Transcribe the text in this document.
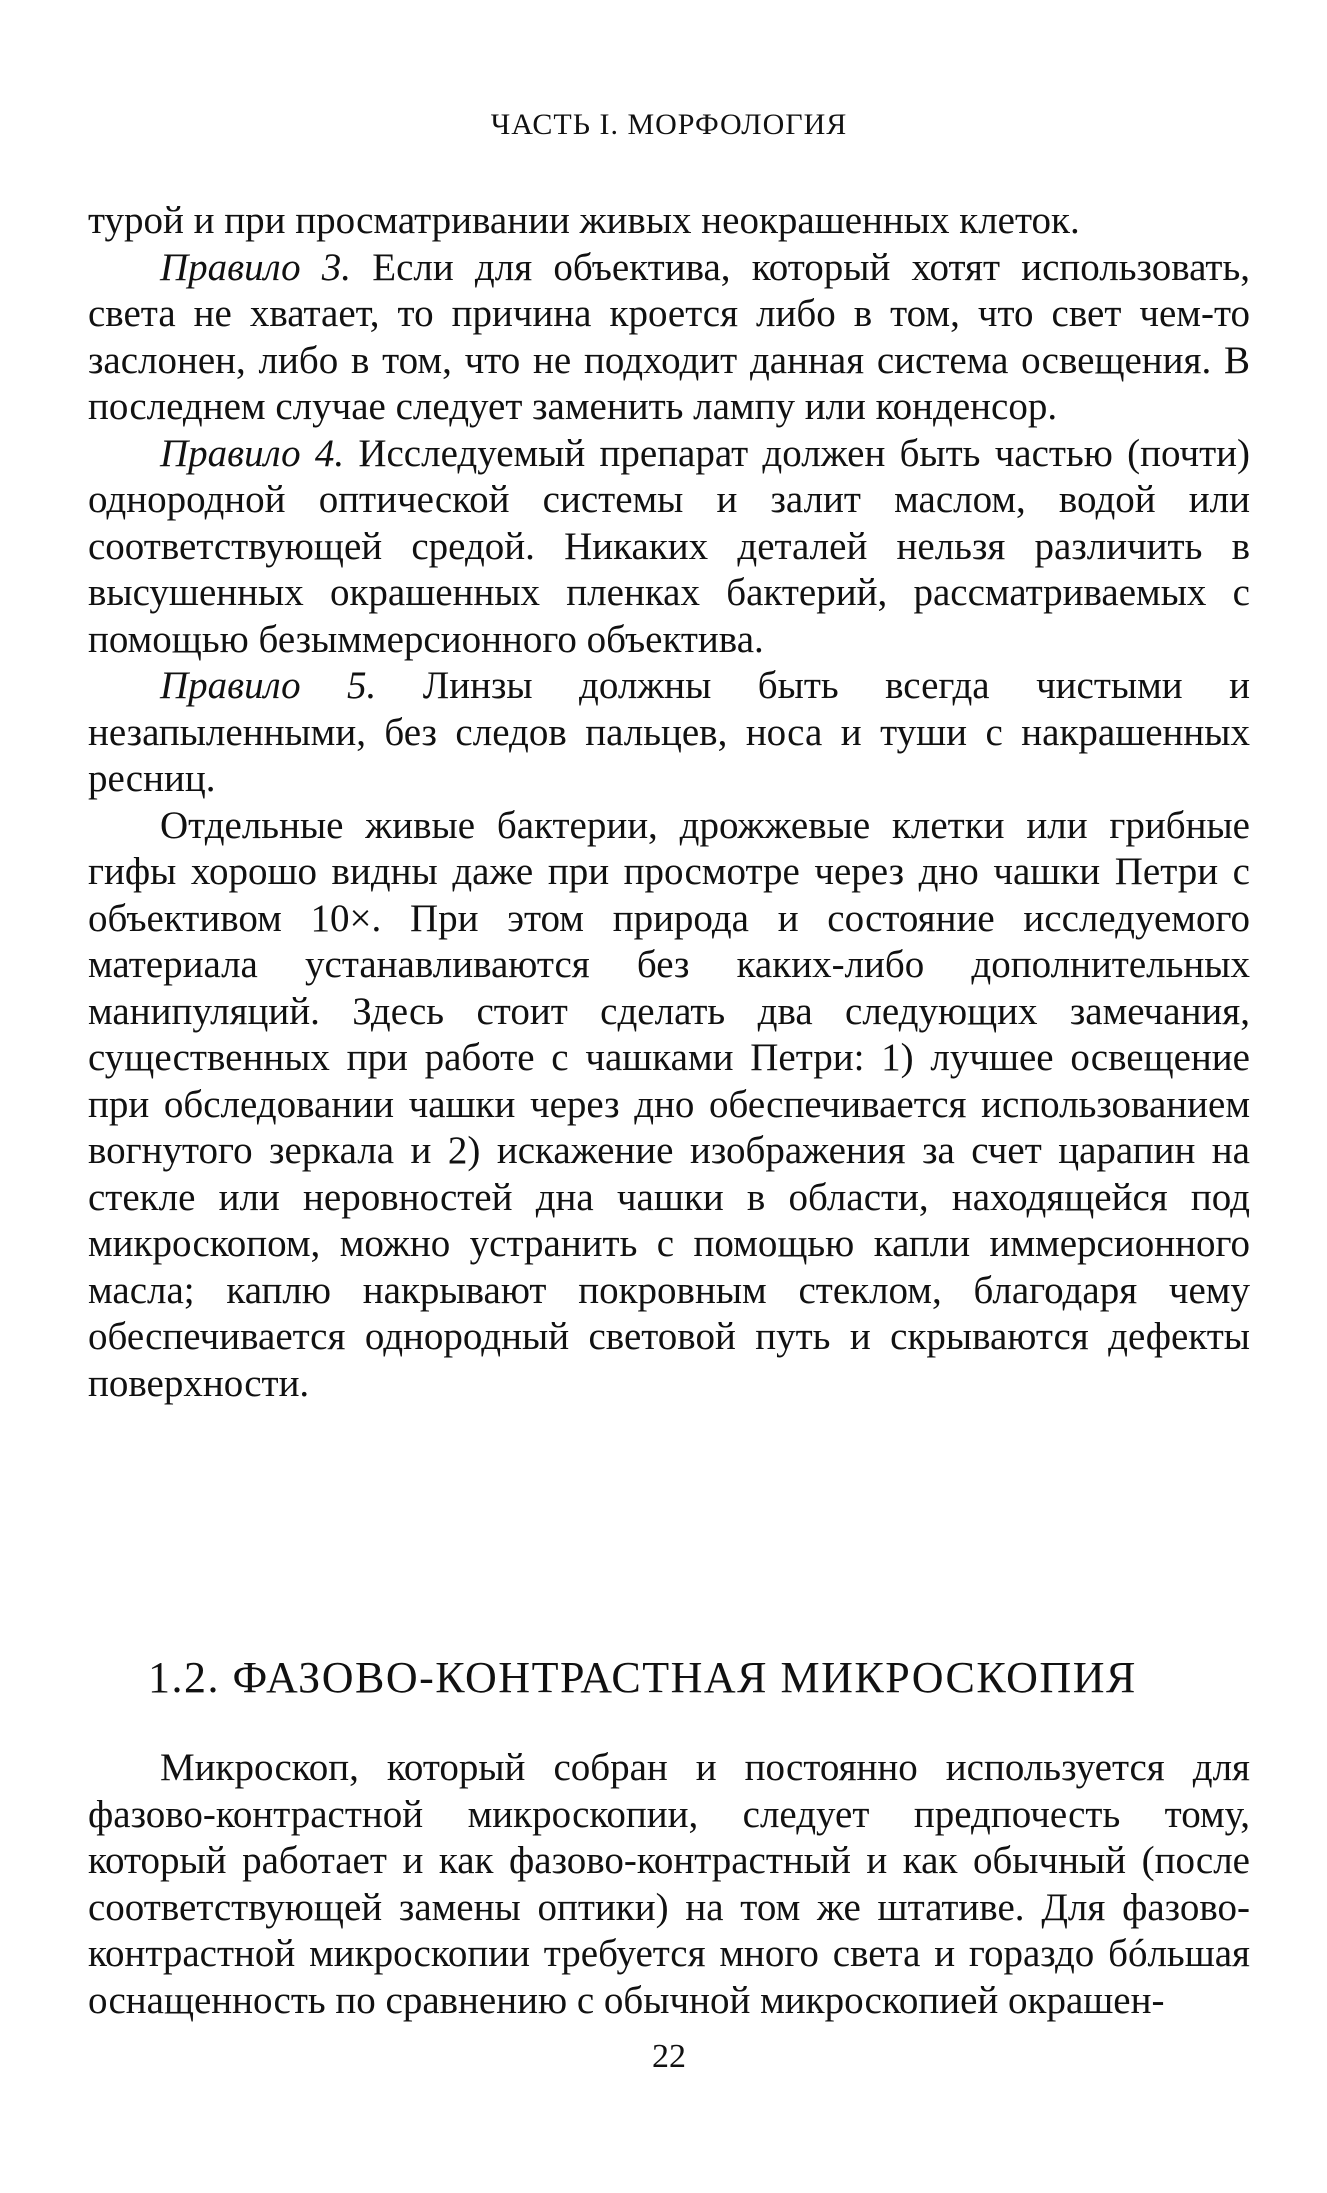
ЧАСТЬ I. МОРФОЛОГИЯ

турой и при просматривании живых неокрашенных клеток.

Правило 3. Если для объектива, который хотят использовать, света не хватает, то причина кроется либо в том, что свет чем-то заслонен, либо в том, что не подходит данная система освещения. В последнем случае следует заменить лампу или конденсор.

Правило 4. Исследуемый препарат должен быть частью (почти) однородной оптической системы и залит маслом, водой или соответствующей средой. Никаких деталей нельзя различить в высушенных окрашенных пленках бактерий, рассматриваемых с помощью безыммерсионного объектива.

Правило 5. Линзы должны быть всегда чистыми и незапыленными, без следов пальцев, носа и туши с накрашенных ресниц.

Отдельные живые бактерии, дрожжевые клетки или грибные гифы хорошо видны даже при просмотре через дно чашки Петри с объективом 10×. При этом природа и состояние исследуемого материала устанавливаются без каких-либо дополнительных манипуляций. Здесь стоит сделать два следующих замечания, существенных при работе с чашками Петри: 1) лучшее освещение при обследовании чашки через дно обеспечивается использованием вогнутого зеркала и 2) искажение изображения за счет царапин на стекле или неровностей дна чашки в области, находящейся под микроскопом, можно устранить с помощью капли иммерсионного масла; каплю накрывают покровным стеклом, благодаря чему обеспечивается однородный световой путь и скрываются дефекты поверхности.

1.2. ФАЗОВО-КОНТРАСТНАЯ МИКРОСКОПИЯ

Микроскоп, который собран и постоянно используется для фазово-контрастной микроскопии, следует предпочесть тому, который работает и как фазово-контрастный и как обычный (после соответствующей замены оптики) на том же штативе. Для фазово-контрастной микроскопии требуется много света и гораздо бóльшая оснащенность по сравнению с обычной микроскопией окрашен-

22
